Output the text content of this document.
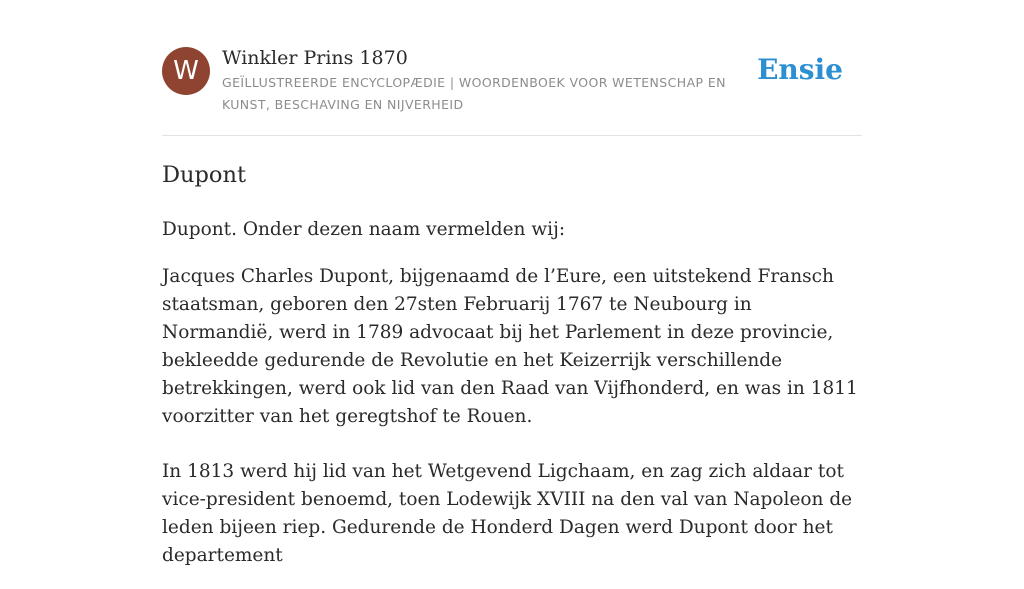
W	Winkler Prins 1870
GEÏLLUSTREERDE ENCYCLOPÆDIE | WOORDENBOEK VOOR WETENSCHAP EN KUNST, BESCHAVING EN NIJVERHEID
Ensie
Dupont

Dupont. Onder dezen naam vermelden wij:

Jacques Charles Dupont, bijgenaamd de l’Eure, een uitstekend Fransch staatsman, geboren den 27sten Februarij 1767 te Neubourg in Normandië, werd in 1789 advocaat bij het Parlement in deze provincie, bekleedde gedurende de Revolutie en het Keizerrijk verschillende betrekkingen, werd ook lid van den Raad van Vijfhonderd, en was in 1811 voorzitter van het geregtshof te Rouen.

In 1813 werd hij lid van het Wetgevend Ligchaam, en zag zich aldaar tot vice-president benoemd, toen Lodewijk XVIII na den val van Napoleon de leden bijeen riep. Gedurende de Honderd Dagen werd Dupont door het departement
